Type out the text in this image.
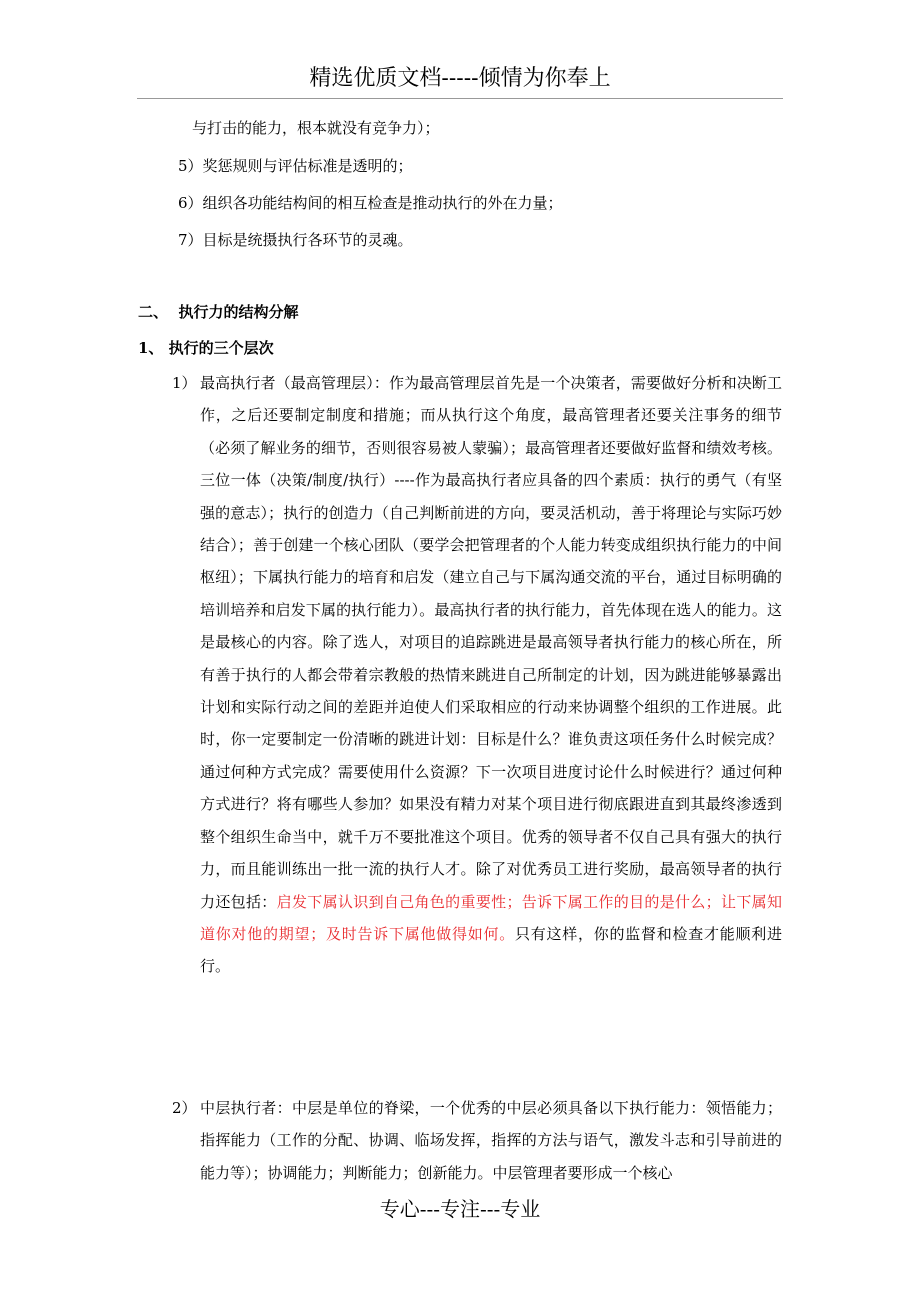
精选优质文档-----倾情为你奉上
与打击的能力，根本就没有竞争力）；
5）奖惩规则与评估标准是透明的；
6）组织各功能结构间的相互检查是推动执行的外在力量；
7）目标是统摄执行各环节的灵魂。
二、  执行力的结构分解
1、 执行的三个层次
1） 最高执行者（最高管理层）：作为最高管理层首先是一个决策者，需要做好分析和决断工作，之后还要制定制度和措施；而从执行这个角度，最高管理者还要关注事务的细节（必须了解业务的细节，否则很容易被人蒙骗）；最高管理者还要做好监督和绩效考核。三位一体（决策/制度/执行）----作为最高执行者应具备的四个素质：执行的勇气（有坚强的意志）；执行的创造力（自己判断前进的方向，要灵活机动，善于将理论与实际巧妙结合）；善于创建一个核心团队（要学会把管理者的个人能力转变成组织执行能力的中间枢纽）；下属执行能力的培育和启发（建立自己与下属沟通交流的平台，通过目标明确的培训培养和启发下属的执行能力）。最高执行者的执行能力，首先体现在选人的能力。这是最核心的内容。除了选人，对项目的追踪跳进是最高领导者执行能力的核心所在，所有善于执行的人都会带着宗教般的热情来跳进自己所制定的计划，因为跳进能够暴露出计划和实际行动之间的差距并迫使人们采取相应的行动来协调整个组织的工作进展。此时，你一定要制定一份清晰的跳进计划：目标是什么？谁负责这项任务什么时候完成？通过何种方式完成？需要使用什么资源？下一次项目进度讨论什么时候进行？通过何种方式进行？将有哪些人参加？如果没有精力对某个项目进行彻底跟进直到其最终渗透到整个组织生命当中，就千万不要批准这个项目。优秀的领导者不仅自己具有强大的执行力，而且能训练出一批一流的执行人才。除了对优秀员工进行奖励，最高领导者的执行力还包括：启发下属认识到自己角色的重要性；告诉下属工作的目的是什么；让下属知道你对他的期望；及时告诉下属他做得如何。只有这样，你的监督和检查才能顺利进行。
2） 中层执行者：中层是单位的脊梁，一个优秀的中层必须具备以下执行能力：领悟能力；指挥能力（工作的分配、协调、临场发挥，指挥的方法与语气，激发斗志和引导前进的能力等）；协调能力；判断能力；创新能力。中层管理者要形成一个核心
专心---专注---专业
